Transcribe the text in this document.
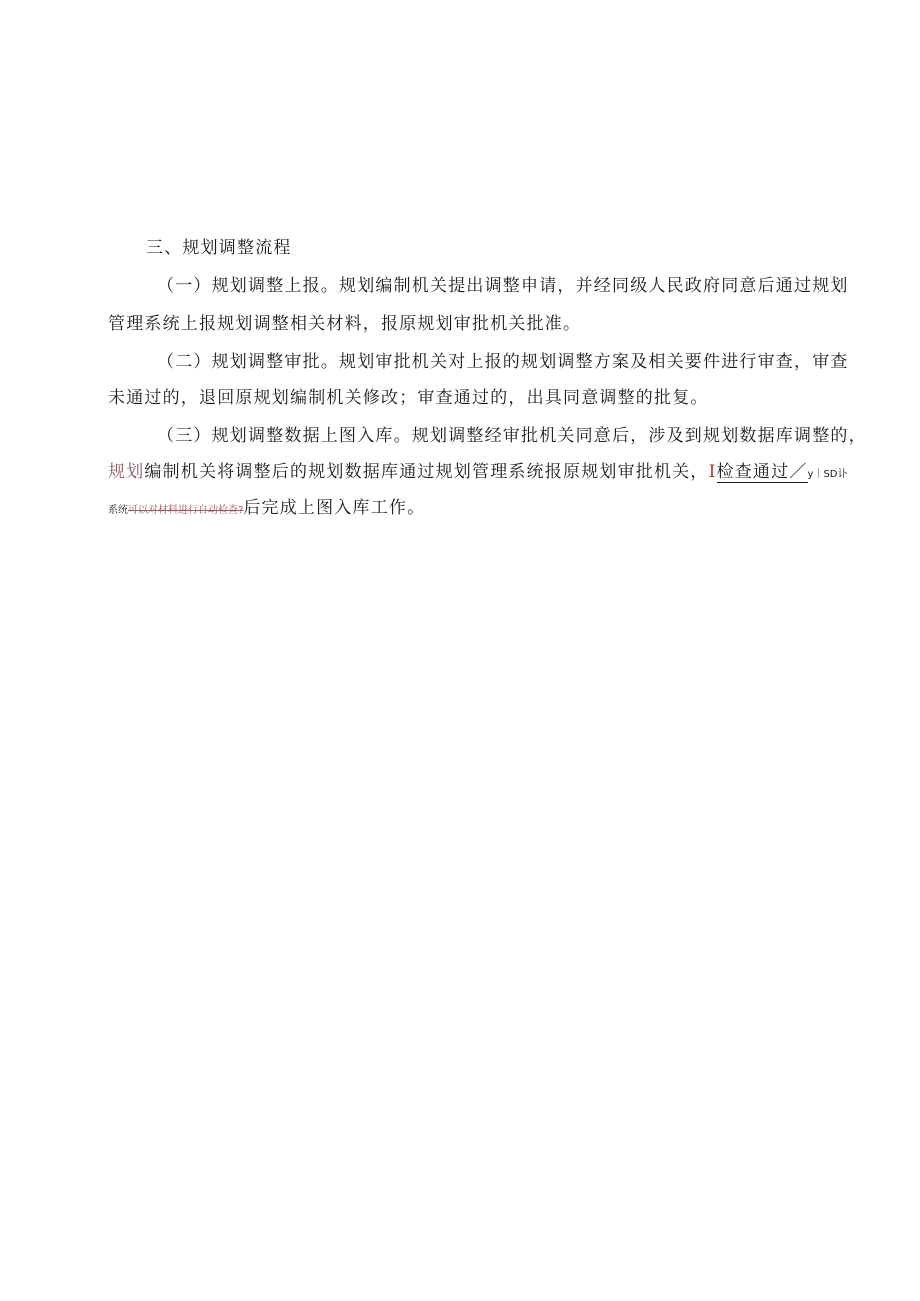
三、规划调整流程
（一）规划调整上报。规划编制机关提出调整申请，并经同级人民政府同意后通过规划
管理系统上报规划调整相关材料，报原规划审批机关批准。
（二）规划调整审批。规划审批机关对上报的规划调整方案及相关要件进行审查，审查
未通过的，退回原规划编制机关修改；审查通过的，出具同意调整的批复。
（三）规划调整数据上图入库。规划调整经审批机关同意后，涉及到规划数据库调整的，
规划编制机关将调整后的规划数据库通过规划管理系统报原规划审批机关，I检查通过／y｜SD讣
系统可以对材料进行自动检查?后完成上图入库工作。
